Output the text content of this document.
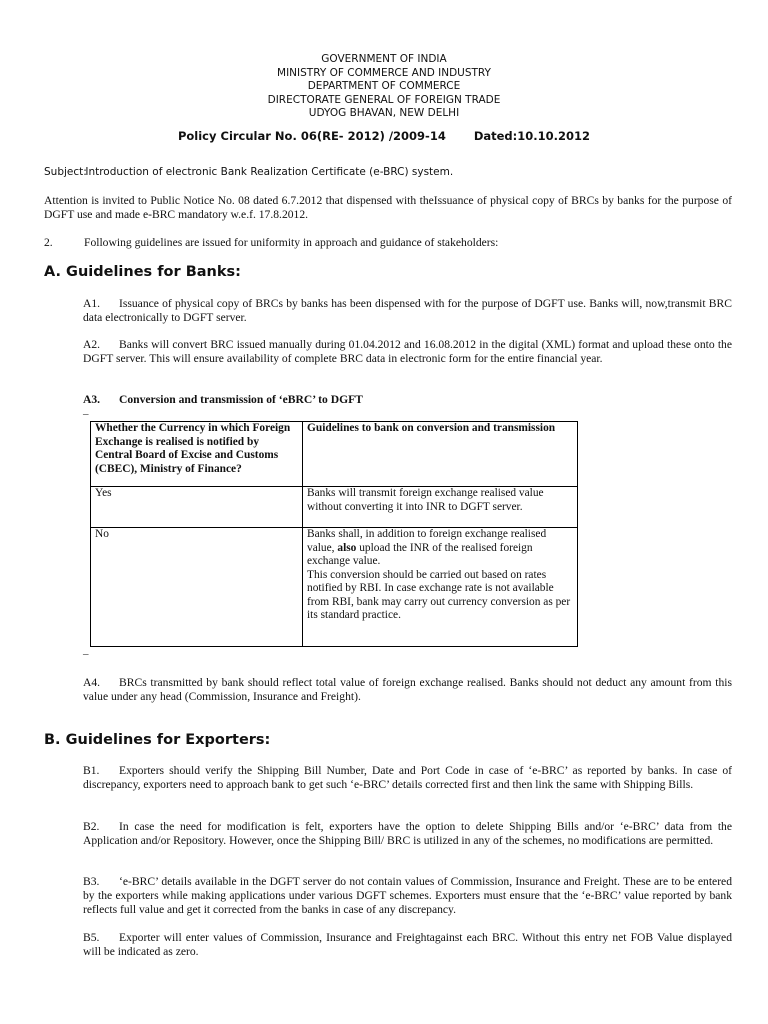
GOVERNMENT OF INDIA
MINISTRY OF COMMERCE AND INDUSTRY
DEPARTMENT OF COMMERCE
DIRECTORATE GENERAL OF FOREIGN TRADE
UDYOG BHAVAN, NEW DELHI
Policy Circular No. 06(RE- 2012) /2009-14 Dated:10.10.2012
Subject: Introduction of electronic Bank Realization Certificate (e-BRC) system.
Attention is invited to Public Notice No. 08 dated 6.7.2012 that dispensed with theIssuance of physical copy of BRCs by banks for the purpose of DGFT use and made e-BRC mandatory w.e.f. 17.8.2012.
2.	Following guidelines are issued for uniformity in approach and guidance of stakeholders:
A. Guidelines for Banks:
A1. Issuance of physical copy of BRCs by banks has been dispensed with for the purpose of DGFT use. Banks will, now,transmit BRC data electronically to DGFT server.
A2. Banks will convert BRC issued manually during 01.04.2012 and 16.08.2012 in the digital (XML) format and upload these onto the DGFT server. This will ensure availability of complete BRC data in electronic form for the entire financial year.
A3. Conversion and transmission of ‘eBRC’ to DGFT
–
Whether the Currency in which Foreign Exchange is realised is notified by Central Board of Excise and Customs (CBEC), Ministry of Finance?	Guidelines to bank on conversion and transmission
Yes	Banks will transmit foreign exchange realised value without converting it into INR to DGFT server.
No	Banks shall, in addition to foreign exchange realised value, also upload the INR of the realised foreign exchange value.
This conversion should be carried out based on rates notified by RBI. In case exchange rate is not available from RBI, bank may carry out currency conversion as per its standard practice.
–
A4. BRCs transmitted by bank should reflect total value of foreign exchange realised. Banks should not deduct any amount from this value under any head (Commission, Insurance and Freight).
B. Guidelines for Exporters:
B1. Exporters should verify the Shipping Bill Number, Date and Port Code in case of ‘e-BRC’ as reported by banks. In case of discrepancy, exporters need to approach bank to get such ‘e-BRC’ details corrected first and then link the same with Shipping Bills.
B2. In case the need for modification is felt, exporters have the option to delete Shipping Bills and/or ‘e-BRC’ data from the Application and/or Repository. However, once the Shipping Bill/ BRC is utilized in any of the schemes, no modifications are permitted.
B3. ‘e-BRC’ details available in the DGFT server do not contain values of Commission, Insurance and Freight. These are to be entered by the exporters while making applications under various DGFT schemes. Exporters must ensure that the ‘e-BRC’ value reported by bank reflects full value and get it corrected from the banks in case of any discrepancy.
B5. Exporter will enter values of Commission, Insurance and Freightagainst each BRC. Without this entry net FOB Value displayed will be indicated as zero.
